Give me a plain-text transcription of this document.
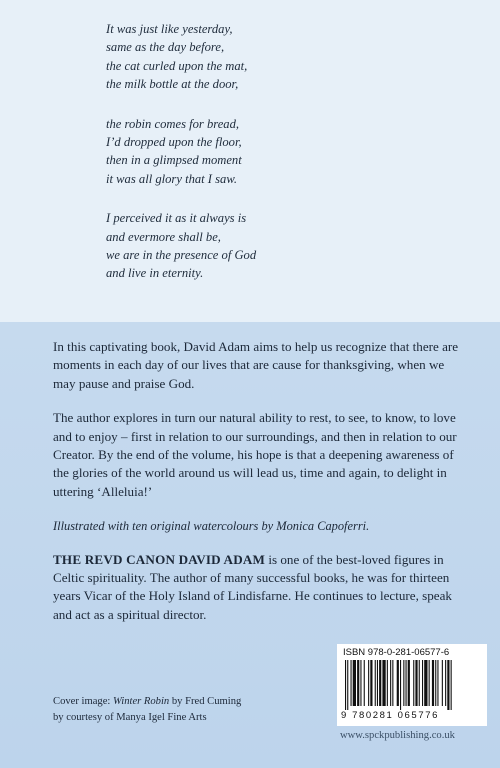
It was just like yesterday,
same as the day before,
the cat curled upon the mat,
the milk bottle at the door,
the robin comes for bread,
I’d dropped upon the floor,
then in a glimpsed moment
it was all glory that I saw.
I perceived it as it always is
and evermore shall be,
we are in the presence of God
and live in eternity.

In this captivating book, David Adam aims to help us recognize that there are moments in each day of our lives that are cause for thanksgiving, when we may pause and praise God.

The author explores in turn our natural ability to rest, to see, to know, to love and to enjoy – first in relation to our surroundings, and then in relation to our Creator. By the end of the volume, his hope is that a deepening awareness of the glories of the world around us will lead us, time and again, to delight in uttering ‘Alleluia!’

Illustrated with ten original watercolours by Monica Capoferri.

THE REVD CANON DAVID ADAM is one of the best-loved figures in Celtic spirituality. The author of many successful books, he was for thirteen years Vicar of the Holy Island of Lindisfarne. He continues to lecture, speak and act as a spiritual director.

ISBN 978-0-281-06577-6
9 780281 065776
Cover image: Winter Robin by Fred Cuming
by courtesy of Manya Igel Fine Arts
www.spckpublishing.co.uk
